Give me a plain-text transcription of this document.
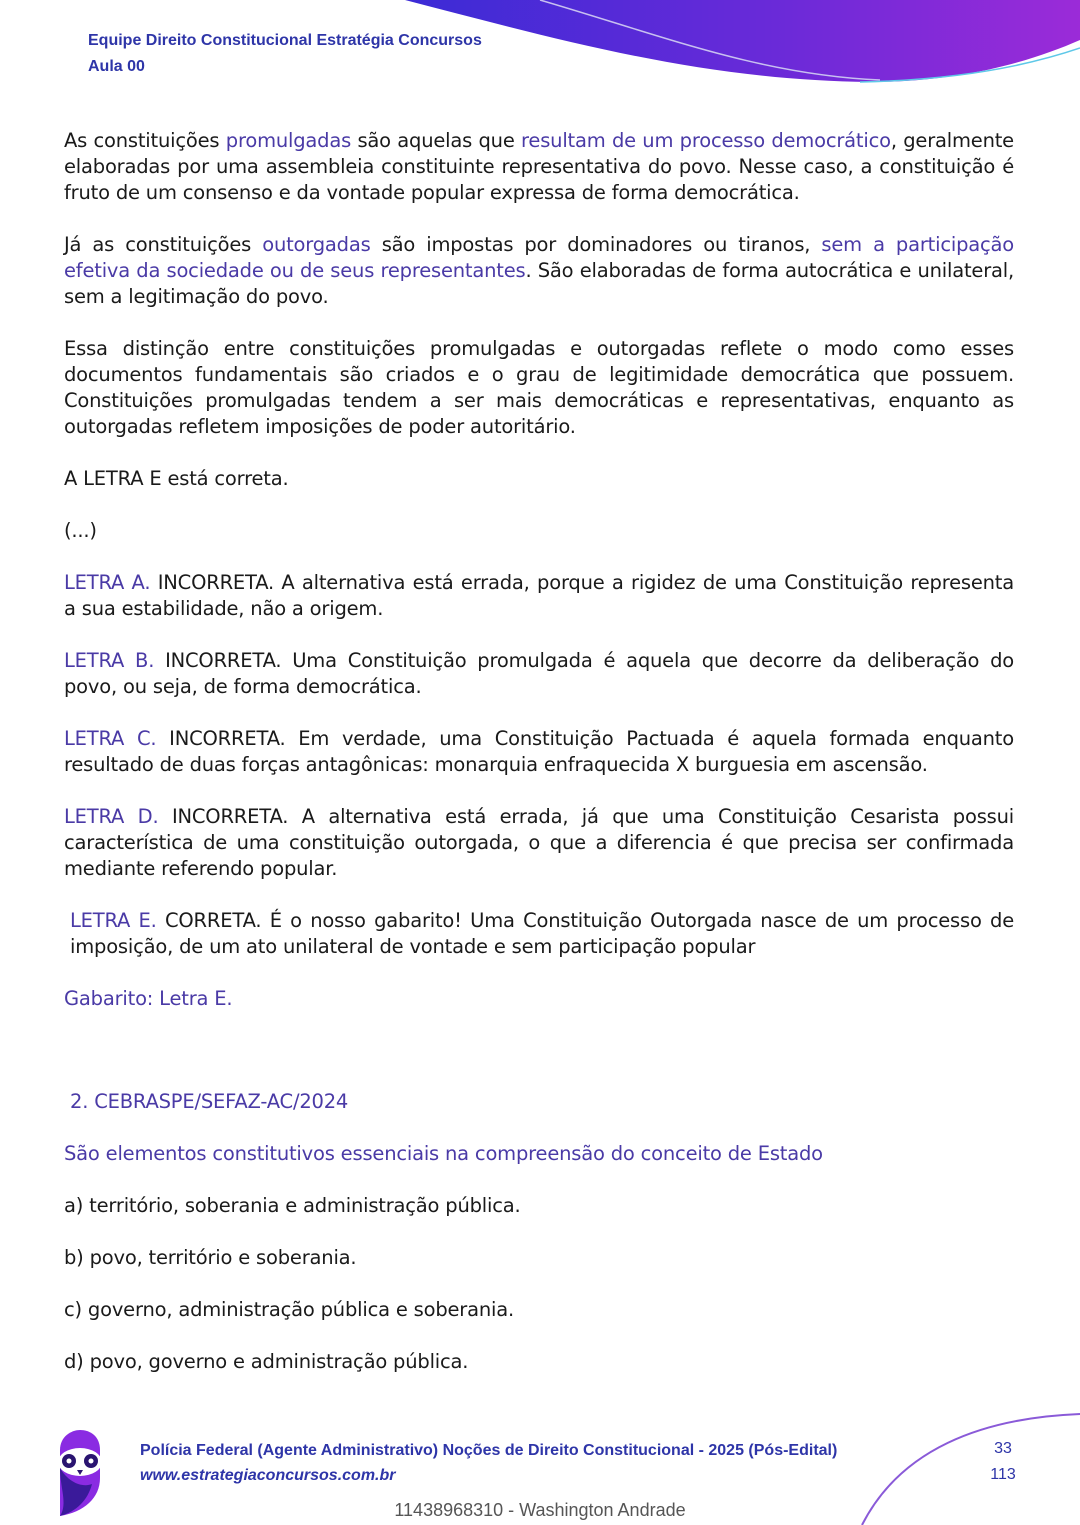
Equipe Direito Constitucional Estratégia Concursos
Aula 00

As constituições promulgadas são aquelas que resultam de um processo democrático, geralmente elaboradas por uma assembleia constituinte representativa do povo. Nesse caso, a constituição é fruto de um consenso e da vontade popular expressa de forma democrática.

Já as constituições outorgadas são impostas por dominadores ou tiranos, sem a participação efetiva da sociedade ou de seus representantes. São elaboradas de forma autocrática e unilateral, sem a legitimação do povo.

Essa distinção entre constituições promulgadas e outorgadas reflete o modo como esses documentos fundamentais são criados e o grau de legitimidade democrática que possuem. Constituições promulgadas tendem a ser mais democráticas e representativas, enquanto as outorgadas refletem imposições de poder autoritário.

A LETRA E está correta.

(...)

LETRA A. INCORRETA. A alternativa está errada, porque a rigidez de uma Constituição representa a sua estabilidade, não a origem.

LETRA B. INCORRETA. Uma Constituição promulgada é aquela que decorre da deliberação do povo, ou seja, de forma democrática.

LETRA C. INCORRETA. Em verdade, uma Constituição Pactuada é aquela formada enquanto resultado de duas forças antagônicas: monarquia enfraquecida X burguesia em ascensão.

LETRA D. INCORRETA. A alternativa está errada, já que uma Constituição Cesarista possui característica de uma constituição outorgada, o que a diferencia é que precisa ser confirmada mediante referendo popular.

LETRA E. CORRETA. É o nosso gabarito! Uma Constituição Outorgada nasce de um processo de imposição, de um ato unilateral de vontade e sem participação popular

Gabarito: Letra E.

2. CEBRASPE/SEFAZ-AC/2024

São elementos constitutivos essenciais na compreensão do conceito de Estado

a) território, soberania e administração pública.

b) povo, território e soberania.

c) governo, administração pública e soberania.

d) povo, governo e administração pública.

Polícia Federal (Agente Administrativo) Noções de Direito Constitucional - 2025 (Pós-Edital)
www.estrategiaconcursos.com.br
33
113
11438968310 - Washington Andrade
